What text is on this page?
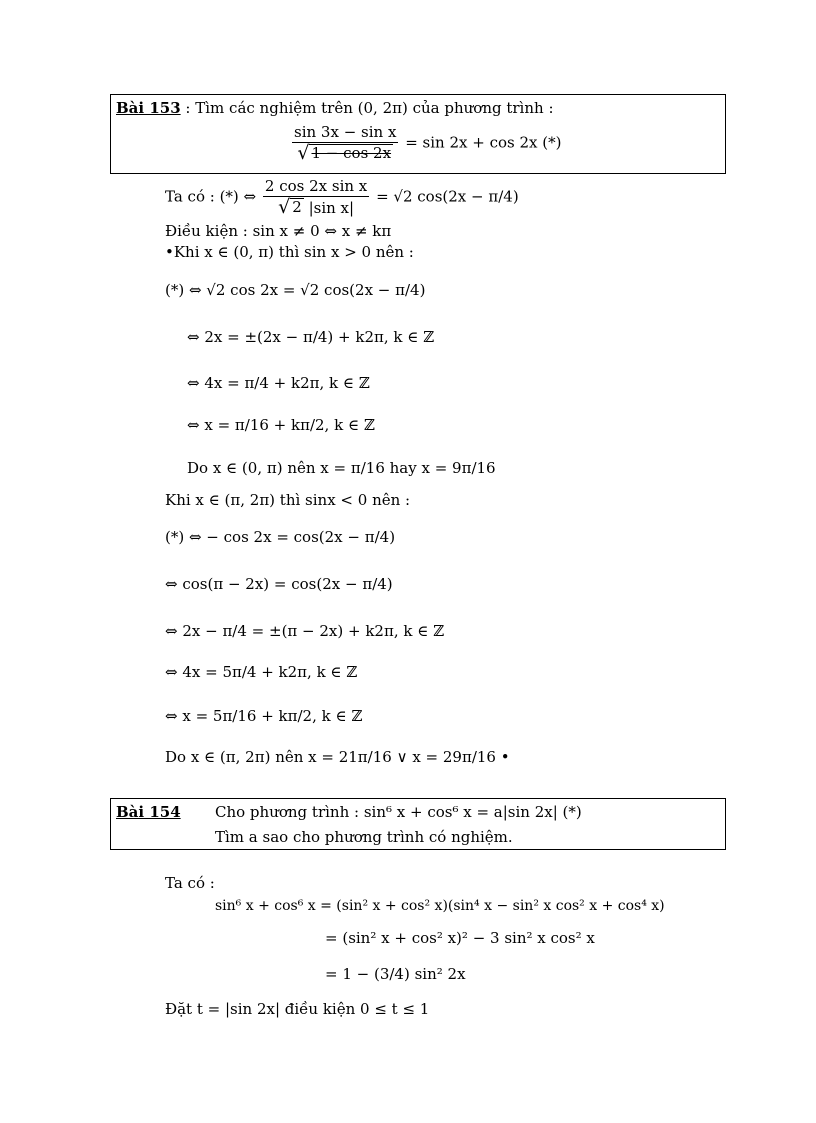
Bài 153 : Tìm các nghiệm trên (0, 2π) của phương trình :
$\frac{\text{sin 3x − sin x}}{√ 1 - \cos 2x} = \sin 2x + \cos 2x$ (*)
Ta có : (*) ⇔ $\frac{\text{2 cos 2x sin x}}{\text{√ 2 |sin x|}} = √2$ cos(2x − π/4)
Điều kiện : sin x ≠ 0 ⇔ x ≠ kπ
•Khi x ∈ (0, π) thì sin x > 0 nên :
(*) ⇔ √2 cos 2x = √2 cos(2x − π/4)
⇔ 2x = ±(2x − π/4) + k2π, k ∈ ℤ
⇔ 4x = π/4 + k2π, k ∈ ℤ
⇔ x = π/16 + kπ/2, k ∈ ℤ
Do x ∈ (0, π) nên x = π/16 hay x = 9π/16
Khi x ∈ (π, 2π) thì sinx < 0 nên :
(*) ⇔ − cos 2x = cos(2x − π/4)
⇔ cos(π − 2x) = cos(2x − π/4)
⇔ 2x − π/4 = ±(π − 2x) + k2π, k ∈ ℤ
⇔ 4x = 5π/4 + k2π, k ∈ ℤ
⇔ x = 5π/16 + kπ/2, k ∈ ℤ
Do x ∈ (π, 2π) nên x = 21π/16 ∨ x = 29π/16 •
Bài 154 Cho phương trình : sin⁶ x + cos⁶ x = a|sin 2x| (*)
Tìm a sao cho phương trình có nghiệm.
Ta có :
sin⁶ x + cos⁶ x = (sin² x + cos² x)(sin⁴ x − sin² x cos² x + cos⁴ x)
= (sin² x + cos² x)² − 3 sin² x cos² x
= 1 − (3/4) sin² 2x
Đặt t = |sin 2x| điều kiện 0 ≤ t ≤ 1
